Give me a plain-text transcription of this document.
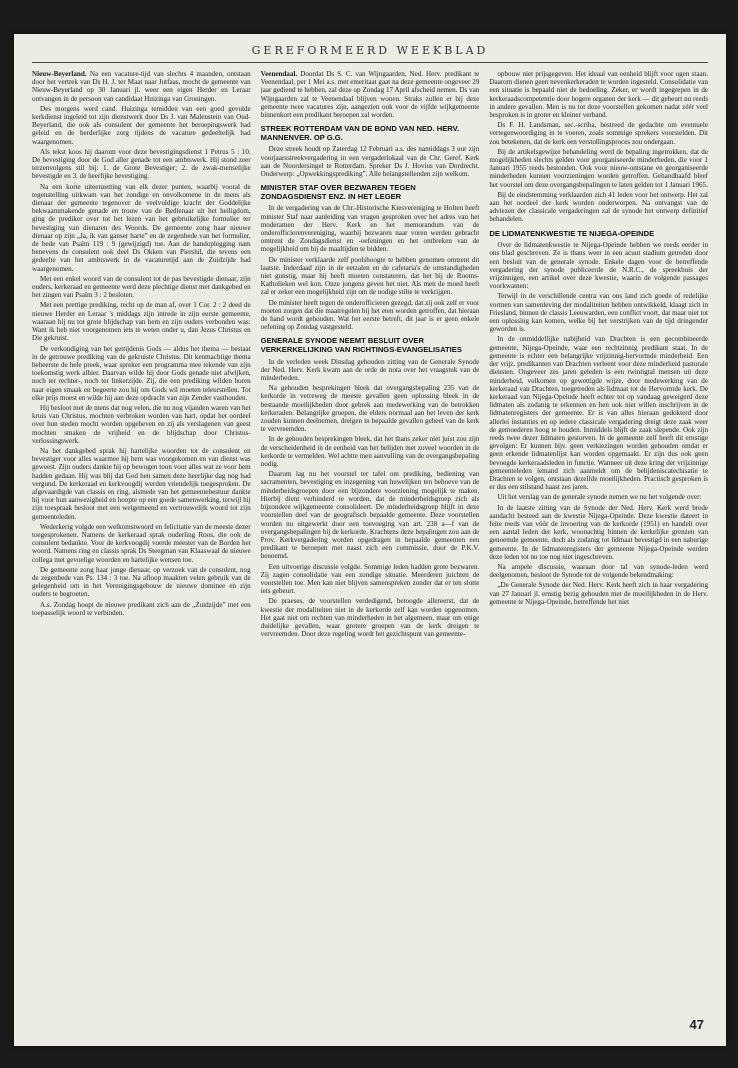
GEREFORMEERD WEEKBLAD

Nieuw-Beyerland. Na een vacature-tijd van slechts 4 maanden, ontstaan door het vertrek van Ds H. J. ter Maat naar Jutfaas, mocht de gemeente van Nieuw-Beyerland op 30 Januari jl. weer een eigen Herder en Leraar ontvangen in de persoon van candidaat Huizinga van Groningen.

Des morgens werd cand. Huizinga temidden van een goed gevulde kerkdienst ingeleid tot zijn dienstwerk door Ds J. van Malenstein van Oud-Beyerland, die ook als consulent der gemeente het beroepingswerk had geleid en de herderlijke zorg tijdens de vacature gedeeltelijk had waargenomen.

Als tekst koos hij daarom voor deze bevestigingsdienst 1 Petrus 5 : 10. De bevestiging door de God aller genade tot een ambtswerk. Hij stond zeer terzenvolgens stil bij: 1. de Grote Bevestiger; 2. de zwak-menselijke bevestigde en 3. de heerlijke bevestiging.

Na een korte uiteenzetting van elk dezer punten, waarbij vooral de tegenstelling uitkwam van het zondige en onvolkomene in de mens als dienaar der gemeente tegenover de veelvuldige kracht der Goddelijke bekwaammakende genade en trouw van de Bedienaar uit het heiligdom, ging de prediker over tot het lezen van het gebruikelijke formulier ter bevestiging van dienaren des Woords. De gemeente zong haar nieuwe dienaar op zijn „Ja, ik van ganser harte” en de zegenbede van het formulier, de bede van Psalm 119 : 9 (gewijzigd) toe. Aan de handoplegging nam benevens de consulent ook deel Ds Okken van Piershil, die tevens een gedeelte van het ambtswerk in de vacaturetijd aan de Zuidzijde had waargenomen.

Met een enkel woord van de consulent tot de pas bevestigde dienaar, zijn ouders, kerkeraad en gemeente werd deze plechtige dienst met dankgebed en het zingen van Psalm 3 : 2 besloten.

Met een prettige prediking, recht op de man af, over 1 Cor. 2 : 2 deed de nieuwe Herder en Leraar 's middags zijn intrede in zijn eerste gemeente, waaraan hij nu tot grote blijdschap van hem en zijn ouders verbonden was: Want ik heb niet voorgenomen iets te weten onder u, dan Jezus Christus en Die gekruist.

De verkondiging van het gettijdenis Gods — aldus het thema — bestaat in de getrouwe prediking van de gekruiste Christus. Dit kenmachtige thema beheerste de hele preek, waar spreker een programma mee tekende van zijn toekomstig werk alhier. Daarvan wilde hij door Gods genade niet afwijken, noch ter rechter-, noch ter linkerzijde. Zij, die een prediking wilden horen naar eigen smaak en begeerte zou hij om Gods wil moeten teleurstellen. Tot elke prijs moest en wilde hij aan deze opdracht van zijn Zender vasthouden.

Hij besloot met de mens dat nog velen, die nu nog vijanden waren van het kruis van Christus, mochten verbroken worden van hart, opdat het oordeel over hun steden mocht worden opgeheven en zij als verslagenen van geest mochten smaken de vrijheid en de blijdschap door Christus- verlossingswerk.

Na het dankgebed sprak hij hartelijke woorden tot de consulent en bevestiger voor alles waarmee hij hem was voorgekomen en van dienst was geweest. Zijn ouders dankte hij op bewogen toon voor alles wat ze voor hem hadden gedaan. Hij was blij dat God hen samen deze heerlijke dag nog had vergund. De kerkeraad en kerkvoogdij werden vriendelijk toegesproken. De afgevaardigde van classis en ring, alsmede van het gemeentebestuur dankte hij voor hun aanwezigheid en hoopte op een goede samenwerking, terwijl hij zijn toespraak besloot met een welgemeend en vertrouwelijk woord tot zijn gemeenteleden.

Wederkerig volgde een welkomstwoord en felicitatie van de meeste dezer toegesprokenen. Namens de kerkeraad sprak ouderling Roos, die ook de consulent bedankte. Voor de kerkvoogdij voerde meester van de Borden het woord. Namens ring en classis sprak Ds Steegman van Klaaswaal de nieuwe collega met gevoelige woorden en hartelijke wensen toe.

De gemeente zong haar jonge dienaar, op verzoek van de consulent, nog de zegenbede van Ps. 134 : 3 toe. Na afloop maakten velen gebruik van de gelegenheid om in het Verenigingsgebouw de nieuwe dominee en zijn ouders te begroeten.

A.s. Zondag hoopt de nieuwe predikant zich aan de „Zuidzijde” met een toepasselijk woord te verbinden.

Veenendaal. Doordat Ds S. C. van Wijngaarden, Ned. Herv. predikant te Veenendaal, per 1 Mei a.s. met emeritaat gaat na deze gemeente ongeveer 29 jaar gediend te hebben, zal deze op Zondag 17 April afscheid nemen. Ds van Wijngaarden zal te Veenendaal blijven wonen. Straks zullen er bij deze gemeente twee vacatures zijn, aangezien ook voor de vijfde wijkgemeente binnenkort een predikant beroepen zal worden.

STREEK ROTTERDAM VAN DE BOND VAN NED. HERV. MANNENVER. OP G.G.

Deze streek houdt op Zaterdag 12 Februari a.s. des namiddags 3 uur zijn voorjaarsstreekvergadering in een vergaderlokaal van de Chr. Geref. Kerk aan de Noordersingel te Rotterdam. Spreker Ds J. Hovius van Dordrecht. Onderwerp: „Opwekkingsprediking”. Alle belangstellenden zijn welkom.

MINISTER STAF OVER BEZWAREN TEGEN ZONDAGSDIENST ENZ. IN HET LEGER

In de vergadering van de Chr.-Historische Kiesvereniging te Holten heeft minister Staf naar aanleiding van vragen gesproken over het adres van het moderamen der Herv. Kerk en het memorandum van de onderofficierenvereniging, waarbij bezwaren naar voren werden gebracht omtrent de Zondagsdienst en -oefeningen en het ontbreken van de mogelijkheid om bij de maaltijden te bidden.

De minister verklaarde zelf poolshoogte te hebben genomen omtrent dit laatste. Inderdaad zijn in de eetzalen en de cafetaria's de omstandigheden niet gunstig, maar hij heeft moeten constateren, dat het bij de Rooms-Katholieken wel kon. Onze jongens geven het niet. Als men de moed heeft zal er zeker een mogelijkheid zijn om de nodige stilte te verkrijgen.

De minister heeft tegen de onderofficieren gezegd, dat zij ook zelf er voor moeten zorgen dat die maatregelen bij het eten worden getroffen, dat hieraan de hand wordt gehouden. Wat het eerste betreft, dit jaar is er geen enkele oefening op Zondag vastgesteld.

GENERALE SYNODE NEEMT BESLUIT OVER VERKERKELIJKING VAN RICHTINGS-EVANGELISATIES

In de verleden week Dinsdag gehouden zitting van de Generale Synode der Ned. Herv. Kerk kwam aan de orde de nota over het vraagstuk van de minderheden.

Na gehouden besprekingen bleek dat overgangsbepaling 235 van de kerkorde in verreweg de meeste gevallen geen oplossing bleek in de bestaande moeilijkheden door gebrek aan medewerking van de betrokken kerkeraden. Belangrijke groepen, die elders normaal aan het leven der kerk zouden kunnen deelnemen, dreigen in bepaalde gevallen geheel van de kerk te vervreemden.

In de gehouden besprekingen bleek, dat het thans zeker niet juist zou zijn de verscheidenheid in de eenheid van het belijden met zoveel woorden in de kerkorde te vermelden. Wel achtte men aanvulling van de overgangsbepaling nodig.

Daarom lag nu het voorstel ter tafel om prediking, bediening van sacramenten, bevestiging en inzegening van huwelijken ten behoeve van de minderheidsgroepen door een bijzondere voorziening mogelijk te maken. Hierbij dient verhinderd te worden, dat de minderheidsgroep zich als bijzondere wijkgemeente consolideert. De minderheidsgroep blijft in deze voorstellen deel van de geografisch bepaalde gemeente. Deze voorstellen worden nu uitgewerkt door een toevoeging van art. 238 a—f van de overgangsbepalingen bij de kerkorde. Krachtens deze bepalingen zou aan de Prov. Kerkvergadering worden opgedragen in bepaalde gemeenten een predikant te beroepen met naast zich een commissie, door de P.K.V. benoemd.

Een uitvoerige discussie volgde. Sommige leden hadden grote bezwaren. Zij zagen consolidatie van een zondige situatie. Meerderen juichten de voorstellen toe. Men kan niet blijven samenspreken zonder dat er ten slotte iets gebeurt.

De praeses, de voorstellen verdedigend, betoogde allereerst, dat de kwestie der modaliteiten niet in de kerkorde zelf kan worden opgenomen. Het gaat niet om rechten van minderheden in het algemeen, maar om enige duidelijke gevallen, waar grotere groepen van de kerk dreigen te vervreemden. Door deze regeling wordt het gezichtspunt van gemeente-

opbouw niet prijsgegeven. Het ideaal van eenheid blijft voor ogen staan. Daarom dienen geen nevenkerkeraden te worden ingesteld. Consolidatie van een situatie is bepaald niet de bedoeling. Zeker, er wordt ingegrepen in de kerkeraadscompetentie door hogere organen der kerk — dit gebeurt nu reeds in andere gevallen. Men is nu tot deze voorstellen gekomen nadat zéér veel besproken is in groter en kleiner verband.

Ds F. H. Landsman, sec.-scriba, bestreed de gedachte om eventuele vertegenwoordiging in te voeren, zoals sommige sprekers voorstelden. Dit zou betekenen, dat de kerk een verstollingsproces zou ondergaan.

Bij de artikelsgewijze behandeling werd de bepaling ingetrokken, dat de mogelijkheden slechts gelden voor georganiseerde minderheden, die voor 1 Januari 1955 reeds bestonden. Ook voor nieuw-ontstane en georganiseerde minderheden kunnen voorzieningen worden getroffen. Gehandhaafd bleef het voorstel om deze overgangsbepalingen te laten gelden tot 1 Januari 1965.

Bij de eindstemming verklaarden zich 41 leden voor het ontwerp. Het zal aan het oordeel der kerk worden onderworpen. Na ontvangst van de adviezen der classicale vergaderingen zal de synode het ontwerp definitief behandelen.

DE LIDMATENKWESTIE TE NIJEGA-OPEINDE

Over de lidmatenkwestie te Nijega-Opeinde hebben we reeds eerder in ons blad geschreven. Ze is thans weer in een acuut stadium getreden door een besluit van de generale synode. Enkele dagen voor de betreffende vergadering der synode publiceerde de N.R.C., de spreekbuis der vrijzinnigen, een artikel over deze kwestie, waarin de volgende passages voorkwamen:

Terwijl in de verschillende centra van ons land zich goede of redelijke vormen van samenleving der modaliteiten hebben ontwikkeld, klaagt zich in Friesland, binnen de classis Leeuwarden, een conflict voort, dat maar niet tot een oplossing kan komen, welke bij het verstrijken van de tijd dringender geworden is.

In de onmiddellijke nabijheid van Drachten is een gecombineerde gemeente, Nijega-Opeinde, waar een rechtzinnig predikant staat. In de gemeente is echter een belangrijke vrijzinnig-hervormde minderheid. Een der vrijz. predikanten van Drachten verleent voor deze minderheid pastorale diensten. Ongeveer zes jaren geleden is een twintigtal mensen uit deze minderheid, volkomen op gewettigde wijze, door medewerking van de kerkeraad van Drachten, toegetreden als lidmaat tot de Hervormde kerk. De kerkeraad van Nijega-Opeinde heeft echter tot op vandaag geweigerd deze lidmaten als zodanig te erkennen en hen ook niet willen inschrijven in de lidmatenregisters der gemeente. Er is van alles hieraan gedokterd door allerlei instanties en op iedere classicale vergadering dreigt deze zaak weer de gemoederen hoog te houden. Inmiddels blijft de zaak slepende. Ook zijn reeds twee dezer lidmaten gestorven. In de gemeente zelf heeft dit ernstige gevolgen: Er kunnen bijv. geen verkiezingen worden gehouden omdat er geen erkende lidmatenlijst kan worden opgemaakt. Er zijn dus ook geen bevoegde kerkeraadsleden in functie. Wanneer uit deze kring der vrijzinnige gemeenteleden iemand zich aanmeldt om de belijdeniscatechisatie te Drachten te volgen, ontstaan dezelfde moeilijkheden. Practisch gesproken is er dus een stilstand haast zes jaren.

Uit het verslag van de generale synode nemen we nu het volgende over:

In de laatste zitting van de Synode der Ned. Herv. Kerk werd brede aandacht besteed aan de kwestie Nijega-Opeinde. Deze kwestie dateert in feite reeds van vóór de invoering van de kerkorde (1951) en handelt over een aantal leden der kerk, woonachtig binnen de kerkelijke grenzen van genoemde gemeente, doch als zodanig tot lidmaat bevestigd in een naburige gemeente. In de lidmatenregisters der gemeente Nijega-Opeinde werden deze leden tot nu toe nog niet ingeschreven.

Na ampele discussie, waaraan door tal van synode-leden werd deelgenomen, besloot de Synode tot de volgende bekendmaking:

„De Generale Synode der Ned. Herv. Kerk heeft zich in haar vergadering van 27 Januari jl. ernstig bezig gehouden met de moeilijkheden in de Herv. gemeente te Nijega-Opeinde, betreffende het niet

47
